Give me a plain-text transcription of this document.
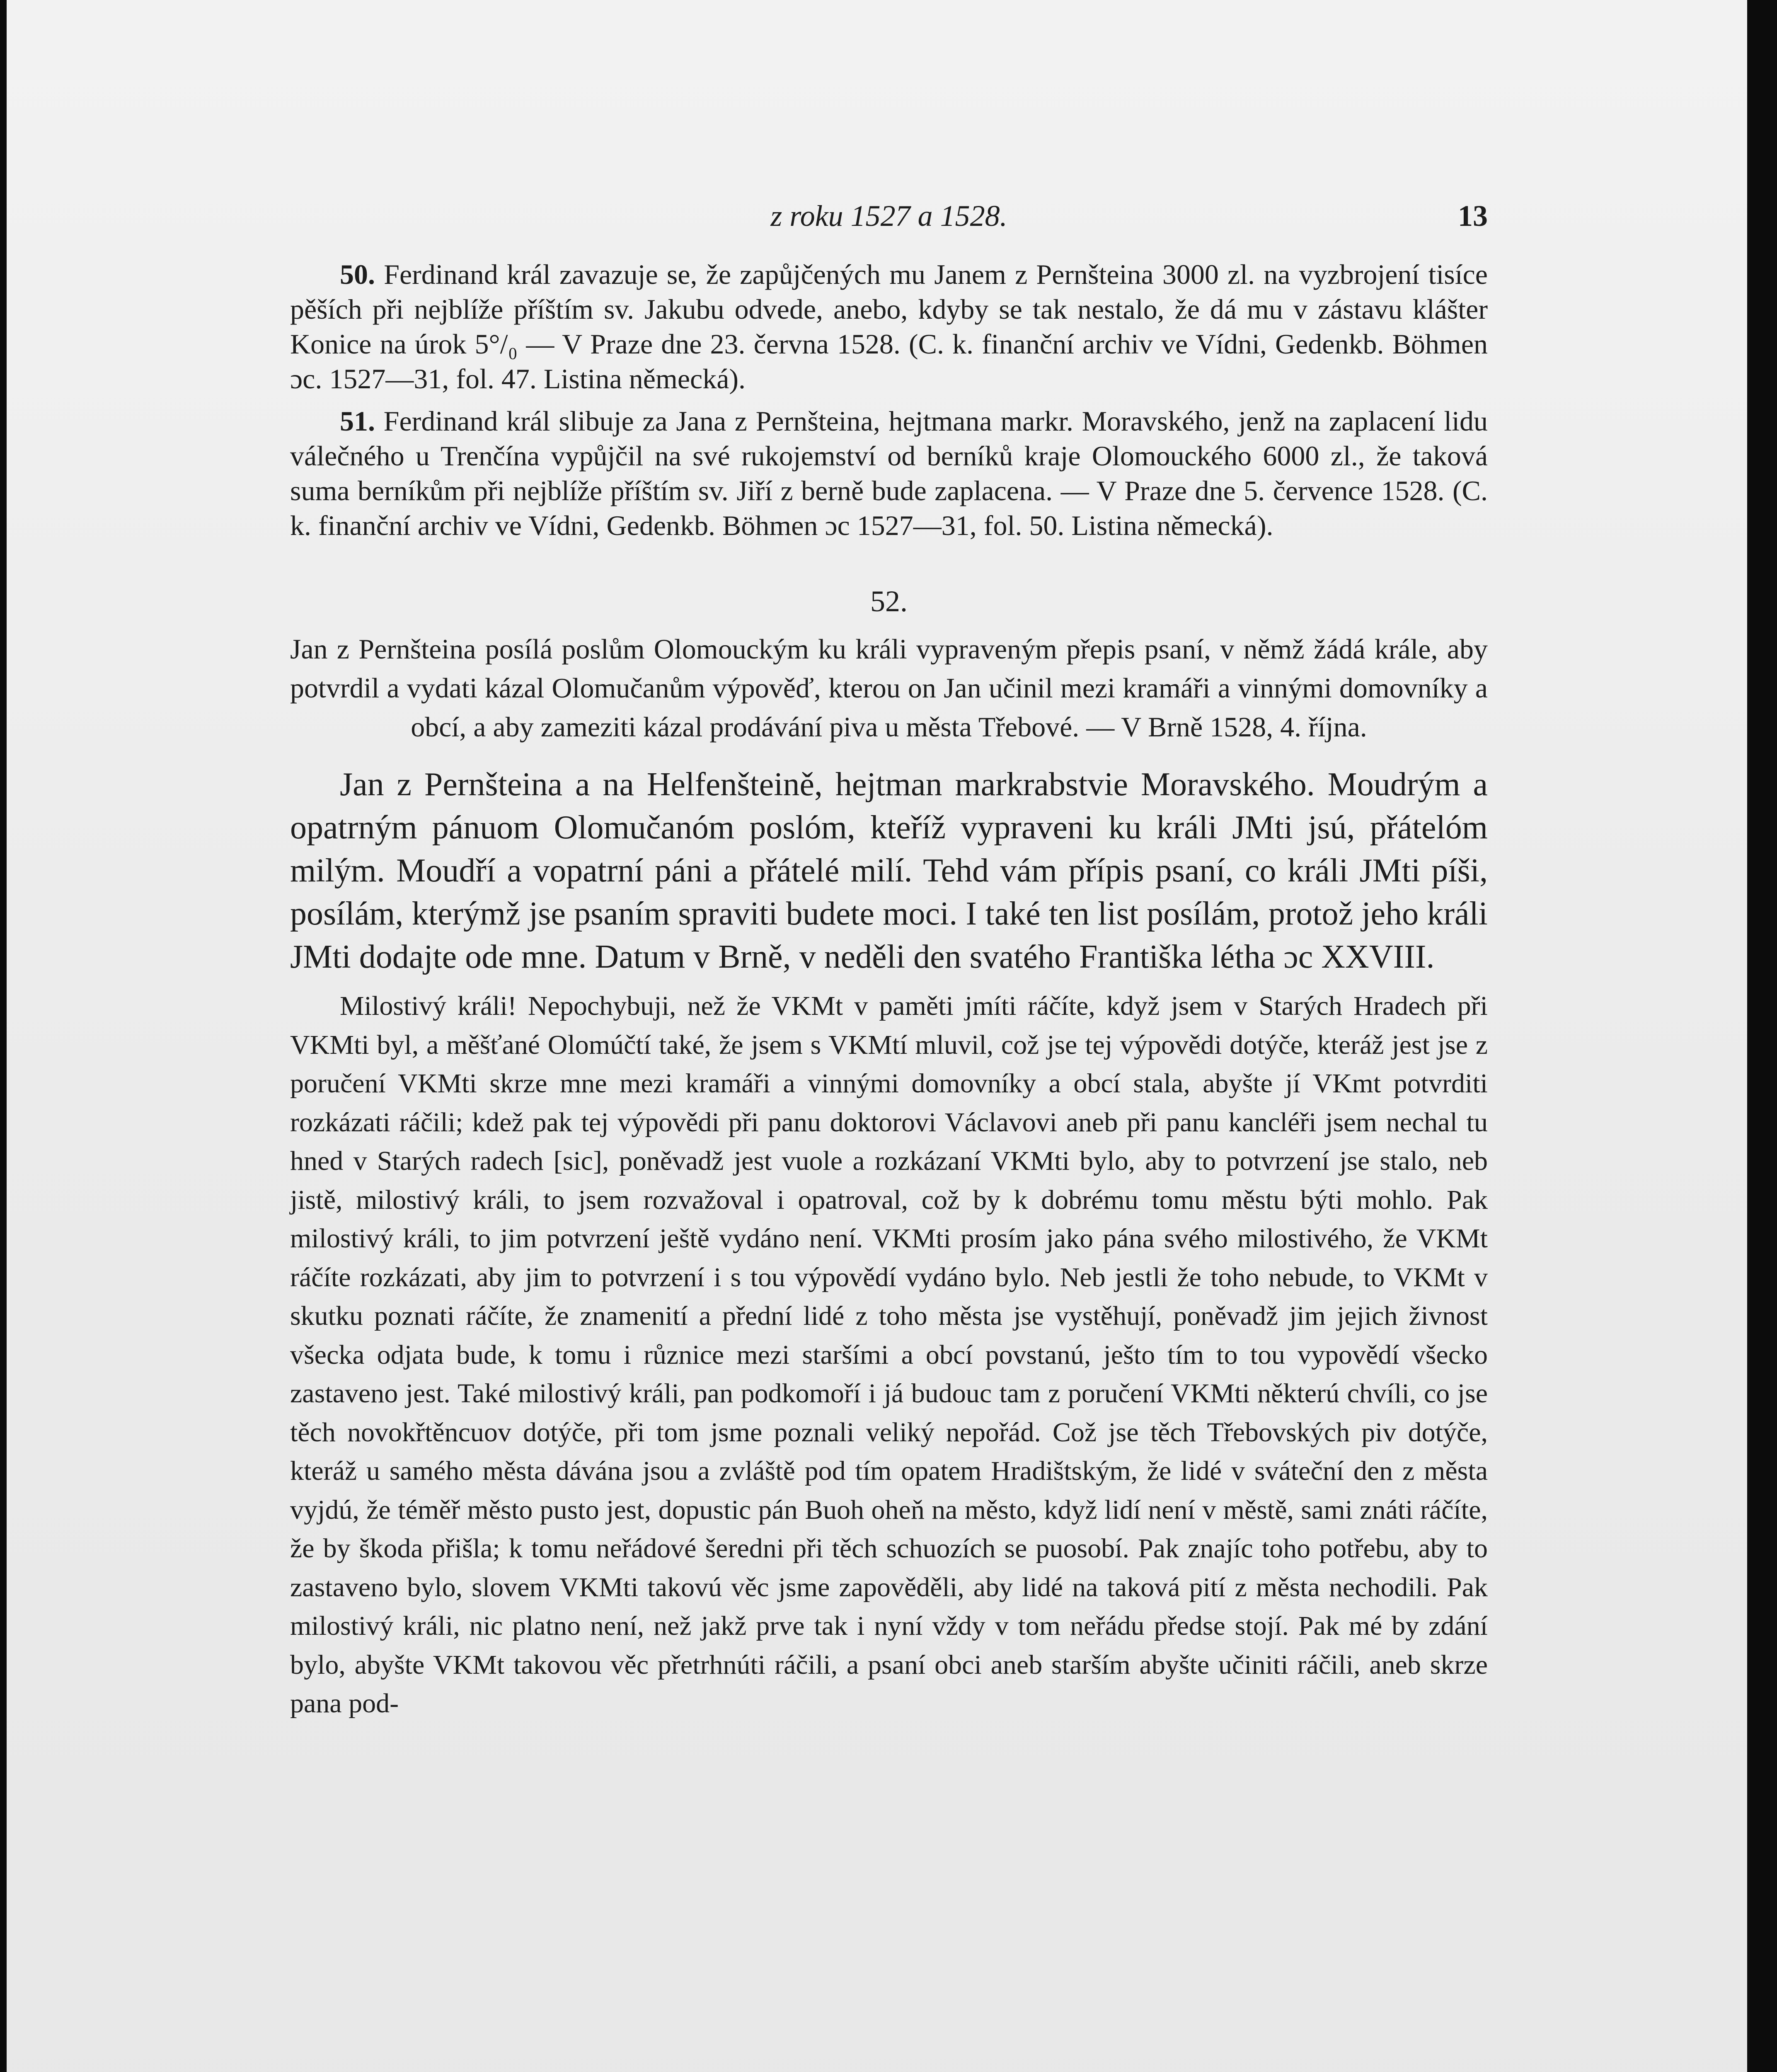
z roku 1527 a 1528.	13

50. Ferdinand král zavazuje se, že zapůjčených mu Janem z Pernšteina 3000 zl. na vyzbrojení tisíce pěších při nejblíže příštím sv. Jakubu odvede, anebo, kdyby se tak nestalo, že dá mu v zástavu klášter Konice na úrok 5°/₀ — V Praze dne 23. června 1528. (C. k. finanční archiv ve Vídni, Gedenkb. Böhmen ɔc. 1527—31, fol. 47. Listina německá).

51. Ferdinand král slibuje za Jana z Pernšteina, hejtmana markr. Moravského, jenž na zaplacení lidu válečného u Trenčína vypůjčil na své rukojemství od berníků kraje Olomouckého 6000 zl., že taková suma berníkům při nejblíže příštím sv. Jiří z berně bude zaplacena. — V Praze dne 5. července 1528. (C. k. finanční archiv ve Vídni, Gedenkb. Böhmen ɔc 1527—31, fol. 50. Listina německá).

52.

Jan z Pernšteina posílá poslům Olomouckým ku králi vypraveným přepis psaní, v němž žádá krále, aby potvrdil a vydati kázal Olomučanům výpověď, kterou on Jan učinil mezi kramáři a vinnými domovníky a obcí, a aby zameziti kázal prodávání piva u města Třebové. — V Brně 1528, 4. října.

Jan z Pernšteina a na Helfenšteině, hejtman markrabstvie Moravského. Moudrým a opatrným pánuom Olomučanóm poslóm, kteříž vypraveni ku králi JMti jsú, přátelóm milým. Moudří a vopatrní páni a přátelé milí. Tehd vám přípis psaní, co králi JMti píši, posílám, kterýmž jse psaním spraviti budete moci. I také ten list posílám, protož jeho králi JMti dodajte ode mne. Datum v Brně, v neděli den svatého Františka létha ɔc XXVIII.

Milostivý králi! Nepochybuji, než že VKMt v paměti jmíti ráčíte, když jsem v Starých Hradech při VKMti byl, a měšťané Olomúčtí také, že jsem s VKMtí mluvil, což jse tej výpovědi dotýče, kteráž jest jse z poručení VKMti skrze mne mezi kramáři a vinnými domovníky a obcí stala, abyšte jí VKmt potvrditi rozkázati ráčili; kdež pak tej výpovědi při panu doktorovi Václavovi aneb při panu kancléři jsem nechal tu hned v Starých radech [sic], poněvadž jest vuole a rozkázaní VKMti bylo, aby to potvrzení jse stalo, neb jistě, milostivý králi, to jsem rozvažoval i opatroval, což by k dobrému tomu městu býti mohlo. Pak milostivý králi, to jim potvrzení ještě vydáno není. VKMti prosím jako pána svého milostivého, že VKMt ráčíte rozkázati, aby jim to potvrzení i s tou výpovědí vydáno bylo. Neb jestli že toho nebude, to VKMt v skutku poznati ráčíte, že znamenití a přední lidé z toho města jse vystěhují, poněvadž jim jejich živnost všecka odjata bude, k tomu i různice mezi staršími a obcí povstanú, ješto tím to tou vypovědí všecko zastaveno jest. Také milostivý králi, pan podkomoří i já budouc tam z poručení VKMti některú chvíli, co jse těch novokřtěncuov dotýče, při tom jsme poznali veliký nepořád. Což jse těch Třebovských piv dotýče, kteráž u samého města dávána jsou a zvláště pod tím opatem Hradištským, že lidé v sváteční den z města vyjdú, že téměř město pusto jest, dopustic pán Buoh oheň na město, když lidí není v městě, sami znáti ráčíte, že by škoda přišla; k tomu neřádové šeredni při těch schuozích se puosobí. Pak znajíc toho potřebu, aby to zastaveno bylo, slovem VKMti takovú věc jsme zapověděli, aby lidé na taková pití z města nechodili. Pak milostivý králi, nic platno není, než jakž prve tak i nyní vždy v tom neřádu předse stojí. Pak mé by zdání bylo, abyšte VKMt takovou věc přetrhnúti ráčili, a psaní obci aneb starším abyšte učiniti ráčili, aneb skrze pana pod-
